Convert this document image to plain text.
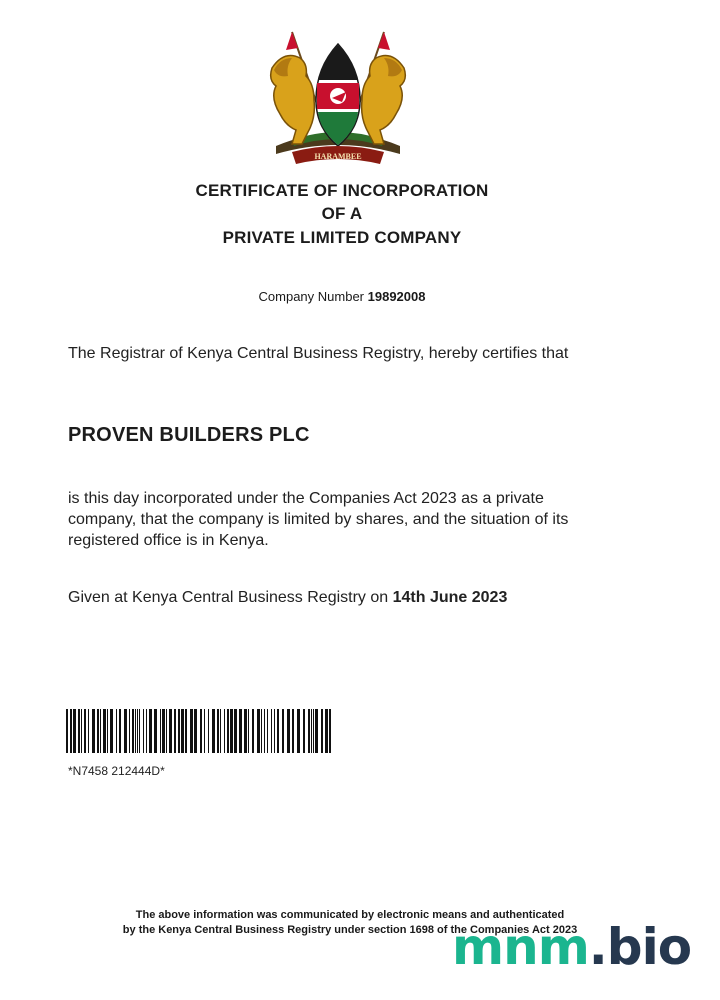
HARAMBEE
CERTIFICATE OF INCORPORATION
OF A
PRIVATE LIMITED COMPANY
Company Number 19892008
The Registrar of Kenya Central Business Registry, hereby certifies that
PROVEN BUILDERS PLC
is this day incorporated under the Companies Act 2023 as a private company, that the company is limited by shares, and the situation of its registered office is in Kenya.
Given at Kenya Central Business Registry on 14th June 2023
*N7458 212444D*
The above information was communicated by electronic means and authenticated
by the Kenya Central Business Registry under section 1698 of the Companies Act 2023
mnm.bio
